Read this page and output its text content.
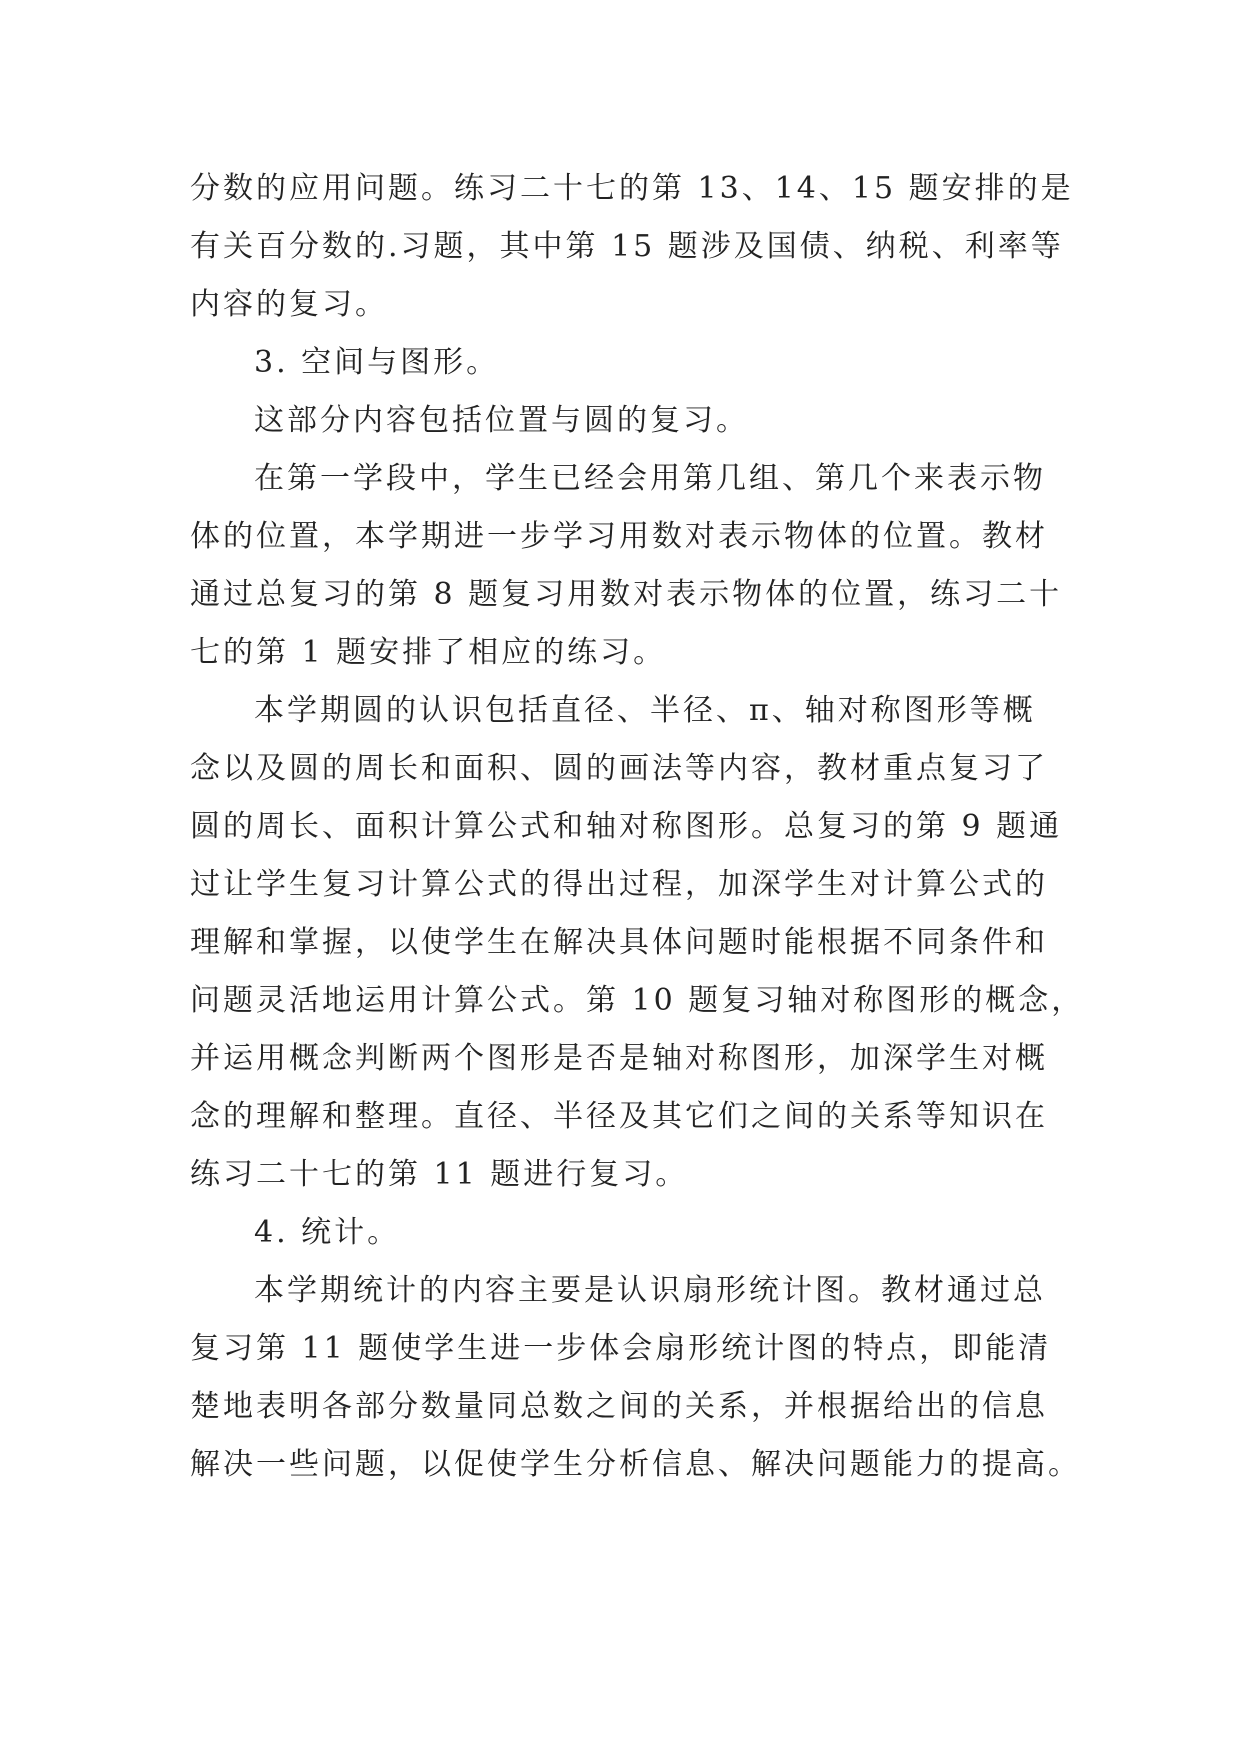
分数的应用问题。练习二十七的第 13、14、15 题安排的是
有关百分数的.习题，其中第 15 题涉及国债、纳税、利率等
内容的复习。
3. 空间与图形。
这部分内容包括位置与圆的复习。
在第一学段中，学生已经会用第几组、第几个来表示物
体的位置，本学期进一步学习用数对表示物体的位置。教材
通过总复习的第 8 题复习用数对表示物体的位置，练习二十
七的第 1 题安排了相应的练习。
本学期圆的认识包括直径、半径、π、轴对称图形等概
念以及圆的周长和面积、圆的画法等内容，教材重点复习了
圆的周长、面积计算公式和轴对称图形。总复习的第 9 题通
过让学生复习计算公式的得出过程，加深学生对计算公式的
理解和掌握，以使学生在解决具体问题时能根据不同条件和
问题灵活地运用计算公式。第 10 题复习轴对称图形的概念，
并运用概念判断两个图形是否是轴对称图形，加深学生对概
念的理解和整理。直径、半径及其它们之间的关系等知识在
练习二十七的第 11 题进行复习。
4. 统计。
本学期统计的内容主要是认识扇形统计图。教材通过总
复习第 11 题使学生进一步体会扇形统计图的特点，即能清
楚地表明各部分数量同总数之间的关系，并根据给出的信息
解决一些问题，以促使学生分析信息、解决问题能力的提高。
